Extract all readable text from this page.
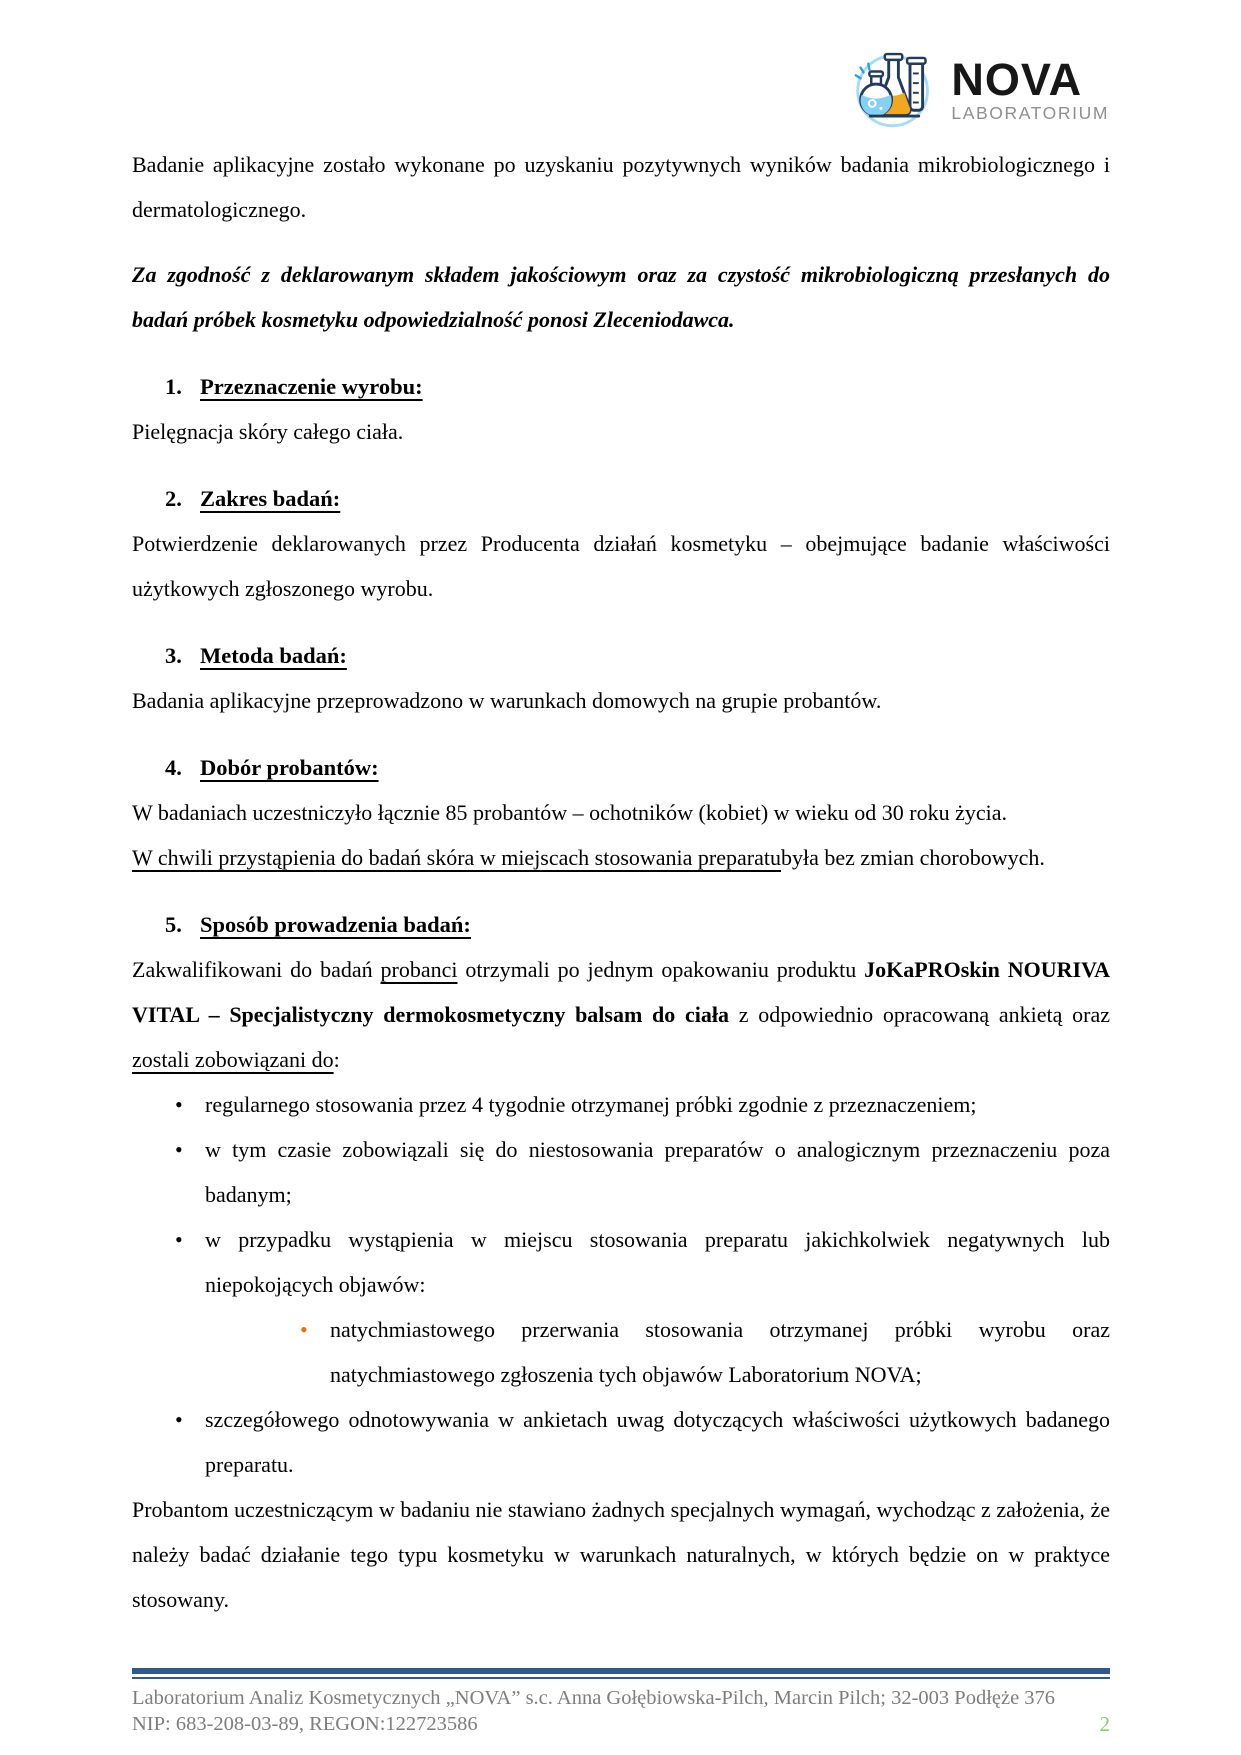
NOVA
LABORATORIUM

Badanie aplikacyjne zostało wykonane po uzyskaniu pozytywnych wyników badania mikrobiologicznego i dermatologicznego.

Za zgodność z deklarowanym składem jakościowym oraz za czystość mikrobiologiczną przesłanych do badań próbek kosmetyku odpowiedzialność ponosi Zleceniodawca.

1. Przeznaczenie wyrobu:

Pielęgnacja skóry całego ciała.

2. Zakres badań:

Potwierdzenie deklarowanych przez Producenta działań kosmetyku – obejmujące badanie właściwości użytkowych zgłoszonego wyrobu.

3. Metoda badań:

Badania aplikacyjne przeprowadzono w warunkach domowych na grupie probantów.

4. Dobór probantów:

W badaniach uczestniczyło łącznie 85 probantów – ochotników (kobiet) w wieku od 30 roku życia.

W chwili przystąpienia do badań skóra w miejscach stosowania preparatubyła bez zmian chorobowych.

5. Sposób prowadzenia badań:

Zakwalifikowani do badań probanci otrzymali po jednym opakowaniu produktu JoKaPROskin NOURIVA VITAL – Specjalistyczny dermokosmetyczny balsam do ciała z odpowiednio opracowaną ankietą oraz zostali zobowiązani do:

•	regularnego stosowania przez 4 tygodnie otrzymanej próbki zgodnie z przeznaczeniem;
•	w tym czasie zobowiązali się do niestosowania preparatów o analogicznym przeznaczeniu poza badanym;
•	w przypadku wystąpienia w miejscu stosowania preparatu jakichkolwiek negatywnych lub niepokojących objawów:
•	natychmiastowego przerwania stosowania otrzymanej próbki wyrobu oraz natychmiastowego zgłoszenia tych objawów Laboratorium NOVA;
•	szczegółowego odnotowywania w ankietach uwag dotyczących właściwości użytkowych badanego preparatu.

Probantom uczestniczącym w badaniu nie stawiano żadnych specjalnych wymagań, wychodząc z założenia, że należy badać działanie tego typu kosmetyku w warunkach naturalnych, w których będzie on w praktyce stosowany.

Laboratorium Analiz Kosmetycznych „NOVA” s.c. Anna Gołębiowska-Pilch, Marcin Pilch; 32-003 Podłęże 376
NIP: 683-208-03-89, REGON:122723586	2
